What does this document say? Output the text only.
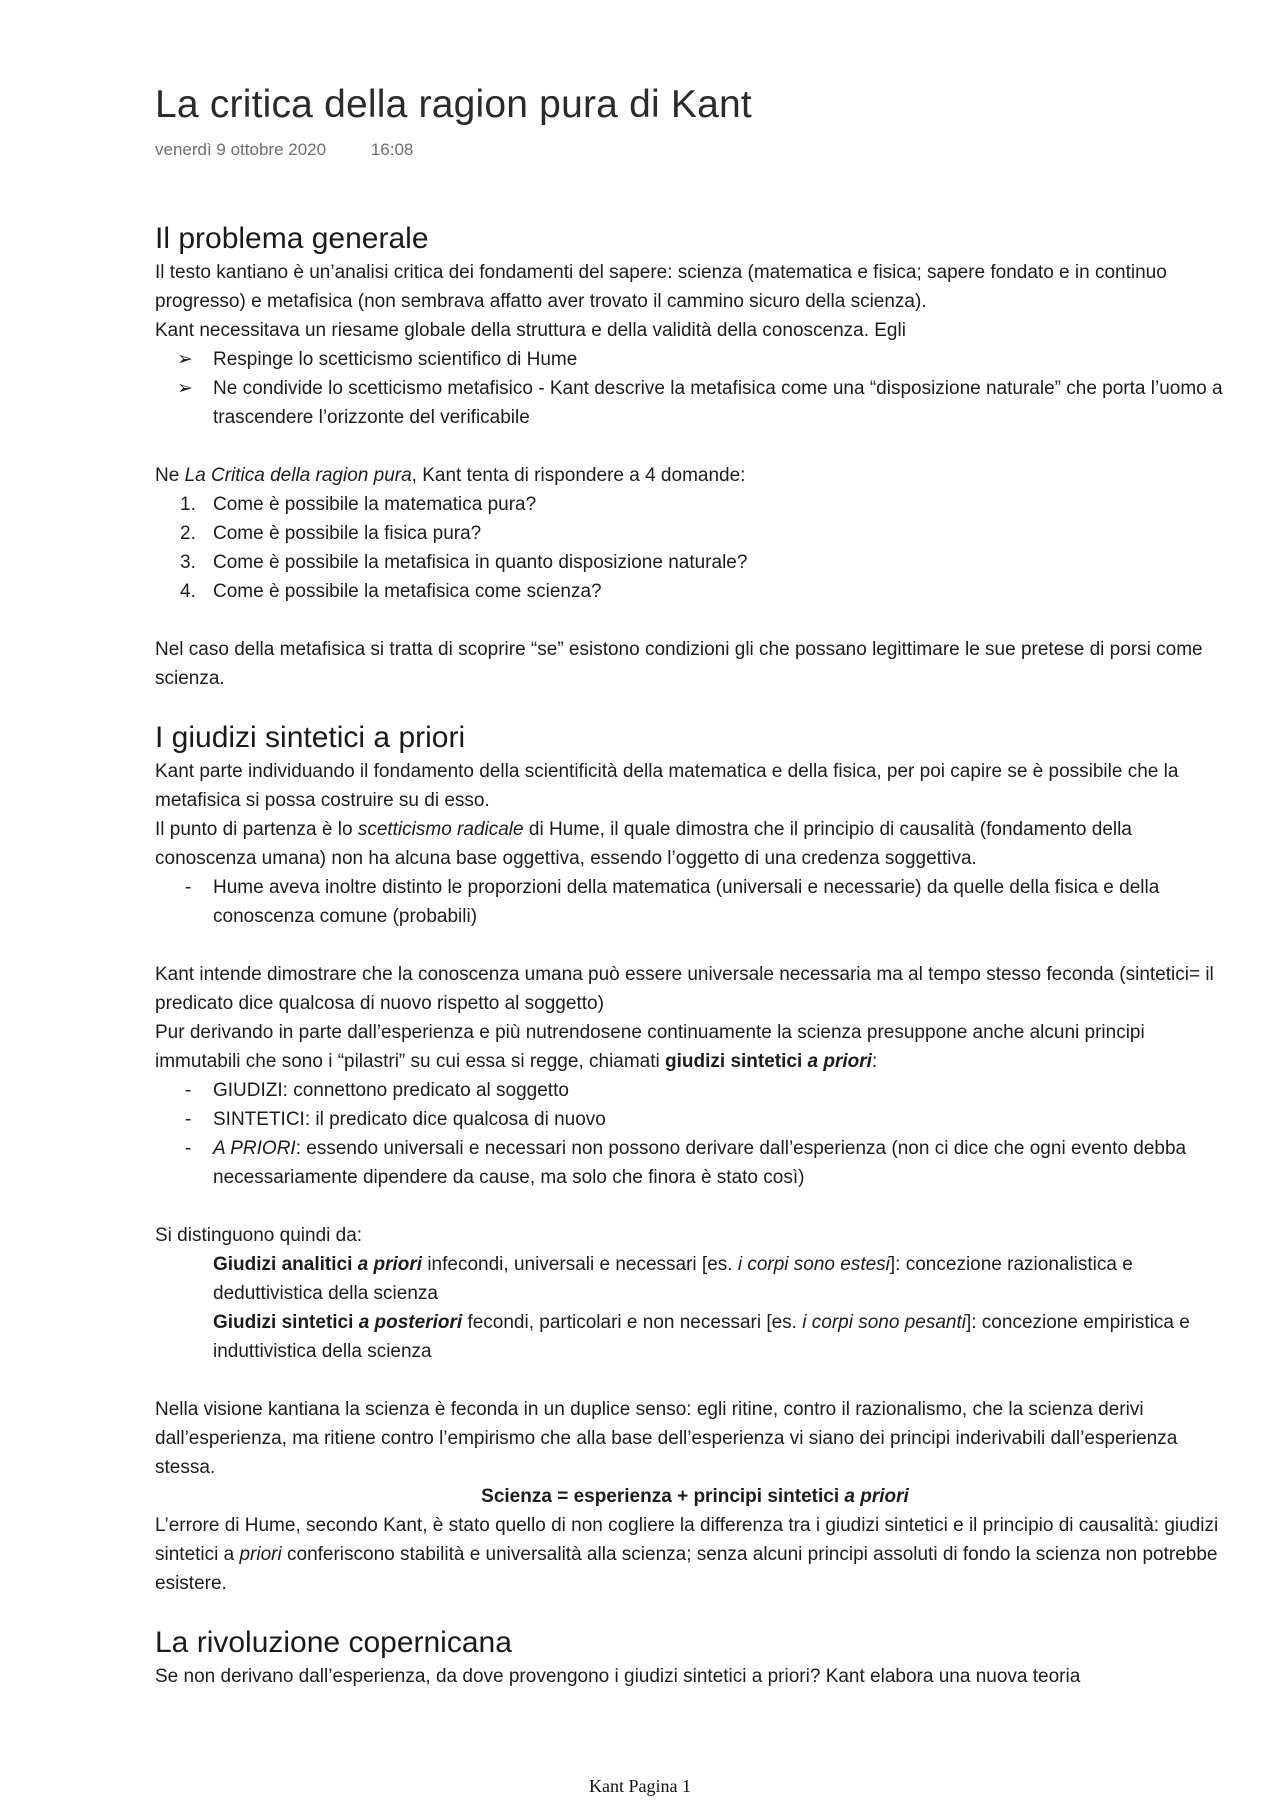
La critica della ragion pura di Kant
venerdì 9 ottobre 2020	16:08
Il problema generale

Il testo kantiano è un’analisi critica dei fondamenti del sapere: scienza (matematica e fisica; sapere fondato e in continuo progresso) e metafisica (non sembrava affatto aver trovato il cammino sicuro della scienza).

Kant necessitava un riesame globale della struttura e della validità della conoscenza. Egli

➢	Respinge lo scetticismo scientifico di Hume
➢	Ne condivide lo scetticismo metafisico - Kant descrive la metafisica come una “disposizione naturale” che porta l’uomo a trascendere l’orizzonte del verificabile

Ne La Critica della ragion pura, Kant tenta di rispondere a 4 domande:

1. Come è possibile la matematica pura?
2. Come è possibile la fisica pura?
3. Come è possibile la metafisica in quanto disposizione naturale?
4. Come è possibile la metafisica come scienza?

Nel caso della metafisica si tratta di scoprire “se” esistono condizioni gli che possano legittimare le sue pretese di porsi come scienza.

I giudizi sintetici a priori

Kant parte individuando il fondamento della scientificità della matematica e della fisica, per poi capire se è possibile che la metafisica si possa costruire su di esso.

Il punto di partenza è lo scetticismo radicale di Hume, il quale dimostra che il principio di causalità (fondamento della conoscenza umana) non ha alcuna base oggettiva, essendo l’oggetto di una credenza soggettiva.

-	Hume aveva inoltre distinto le proporzioni della matematica (universali e necessarie) da quelle della fisica e della conoscenza comune (probabili)

Kant intende dimostrare che la conoscenza umana può essere universale necessaria ma al tempo stesso feconda (sintetici= il predicato dice qualcosa di nuovo rispetto al soggetto)

Pur derivando in parte dall’esperienza e più nutrendosene continuamente la scienza presuppone anche alcuni principi immutabili che sono i “pilastri” su cui essa si regge, chiamati giudizi sintetici a priori:

-	GIUDIZI: connettono predicato al soggetto
-	SINTETICI: il predicato dice qualcosa di nuovo
-	A PRIORI: essendo universali e necessari non possono derivare dall’esperienza (non ci dice che ogni evento debba necessariamente dipendere da cause, ma solo che finora è stato così)

Si distinguono quindi da:

Giudizi analitici a priori infecondi, universali e necessari [es. i corpi sono estesi]: concezione razionalistica e deduttivistica della scienza

Giudizi sintetici a posteriori fecondi, particolari e non necessari [es. i corpi sono pesanti]: concezione empiristica e induttivistica della scienza

Nella visione kantiana la scienza è feconda in un duplice senso: egli ritine, contro il razionalismo, che la scienza derivi dall’esperienza, ma ritiene contro l’empirismo che alla base dell’esperienza vi siano dei principi inderivabili dall’esperienza stessa.

Scienza = esperienza + principi sintetici a priori

L’errore di Hume, secondo Kant, è stato quello di non cogliere la differenza tra i giudizi sintetici e il principio di causalità: giudizi sintetici a priori conferiscono stabilità e universalità alla scienza; senza alcuni principi assoluti di fondo la scienza non potrebbe esistere.

La rivoluzione copernicana

Se non derivano dall’esperienza, da dove provengono i giudizi sintetici a priori? Kant elabora una nuova teoria

Kant Pagina 1
